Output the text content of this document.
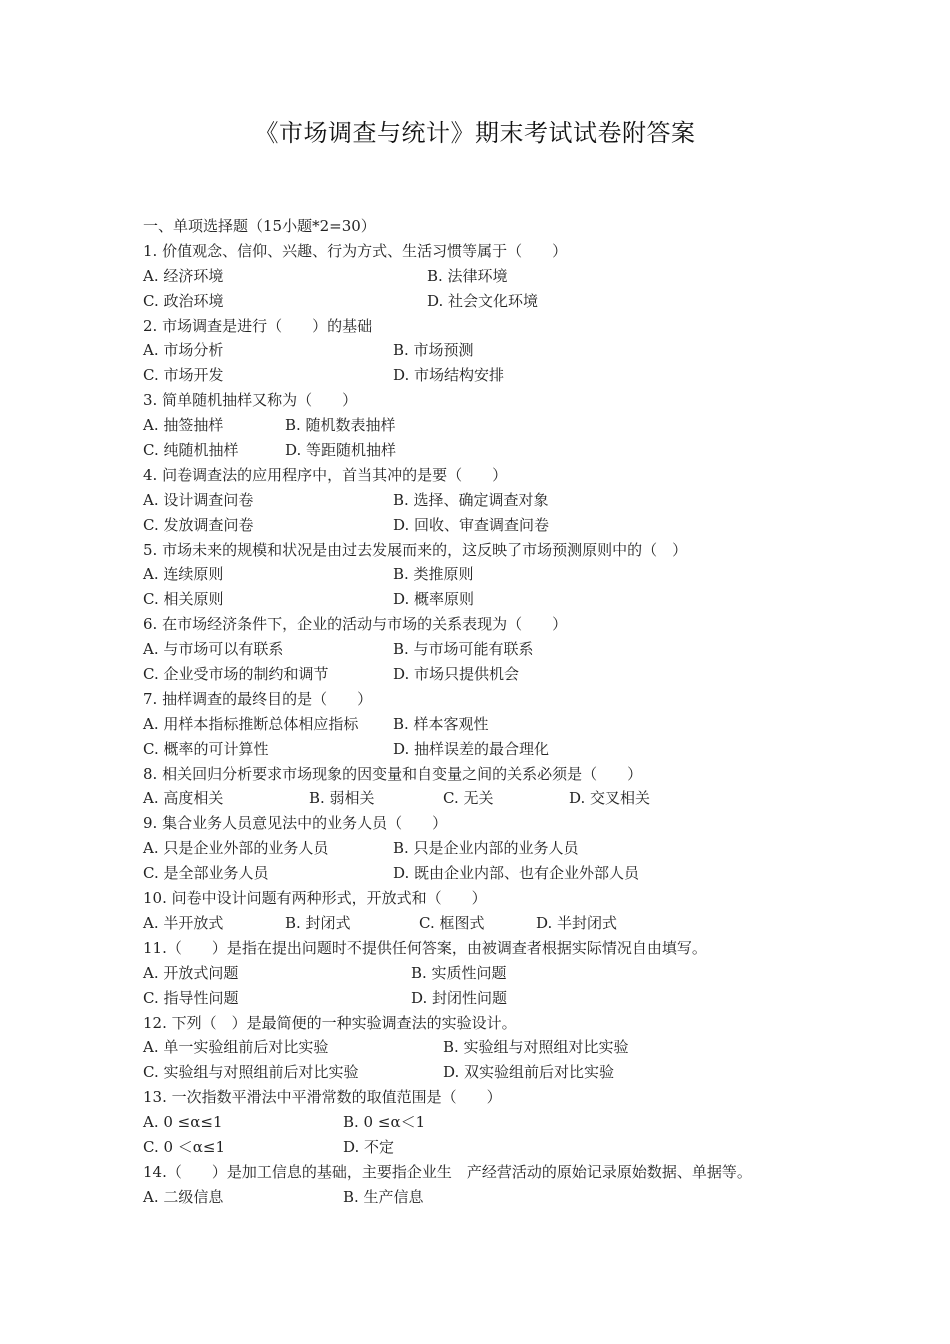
《市场调查与统计》期末考试试卷附答案
一、单项选择题（15小题*2=30）
1. 价值观念、信仰、兴趣、行为方式、生活习惯等属于（　　）
A. 经济环境	B. 法律环境
C. 政治环境	D. 社会文化环境
2. 市场调查是进行（　　）的基础
A. 市场分析	B. 市场预测
C. 市场开发	D. 市场结构安排
3. 简单随机抽样又称为（　　）
A. 抽签抽样	B. 随机数表抽样
C. 纯随机抽样	D. 等距随机抽样
4. 问卷调查法的应用程序中，首当其冲的是要（　　）
A. 设计调查问卷	B. 选择、确定调查对象
C. 发放调查问卷	D. 回收、审查调查问卷
5. 市场未来的规模和状况是由过去发展而来的，这反映了市场预测原则中的（　）
A. 连续原则	B. 类推原则
C. 相关原则	D. 概率原则
6. 在市场经济条件下，企业的活动与市场的关系表现为（　　）
A. 与市场可以有联系	B. 与市场可能有联系
C. 企业受市场的制约和调节	D. 市场只提供机会
7. 抽样调查的最终目的是（　　）
A. 用样本指标推断总体相应指标 B. 样本客观性
C. 概率的可计算性	D. 抽样误差的最合理化
8. 相关回归分析要求市场现象的因变量和自变量之间的关系必须是（　　）
A. 高度相关	B. 弱相关	C. 无关	D. 交叉相关
9. 集合业务人员意见法中的业务人员（　　）
A. 只是企业外部的业务人员	B. 只是企业内部的业务人员
C. 是全部业务人员	D. 既由企业内部、也有企业外部人员
10. 问卷中设计问题有两种形式，开放式和（　　）
A. 半开放式	B. 封闭式	C. 框图式	D. 半封闭式
11.（　　）是指在提出问题时不提供任何答案，由被调查者根据实际情况自由填写。
A. 开放式问题	B. 实质性问题
C. 指导性问题	D. 封闭性问题
12. 下列（　）是最简便的一种实验调查法的实验设计。
A. 单一实验组前后对比实验	B. 实验组与对照组对比实验
C. 实验组与对照组前后对比实验	D. 双实验组前后对比实验
13. 一次指数平滑法中平滑常数的取值范围是（　　）
A. 0 ≤α≤1	B. 0 ≤α＜1
C. 0 ＜α≤1	D. 不定
14.（　　）是加工信息的基础，主要指企业生　产经营活动的原始记录原始数据、单据等。
A. 二级信息	B. 生产信息
